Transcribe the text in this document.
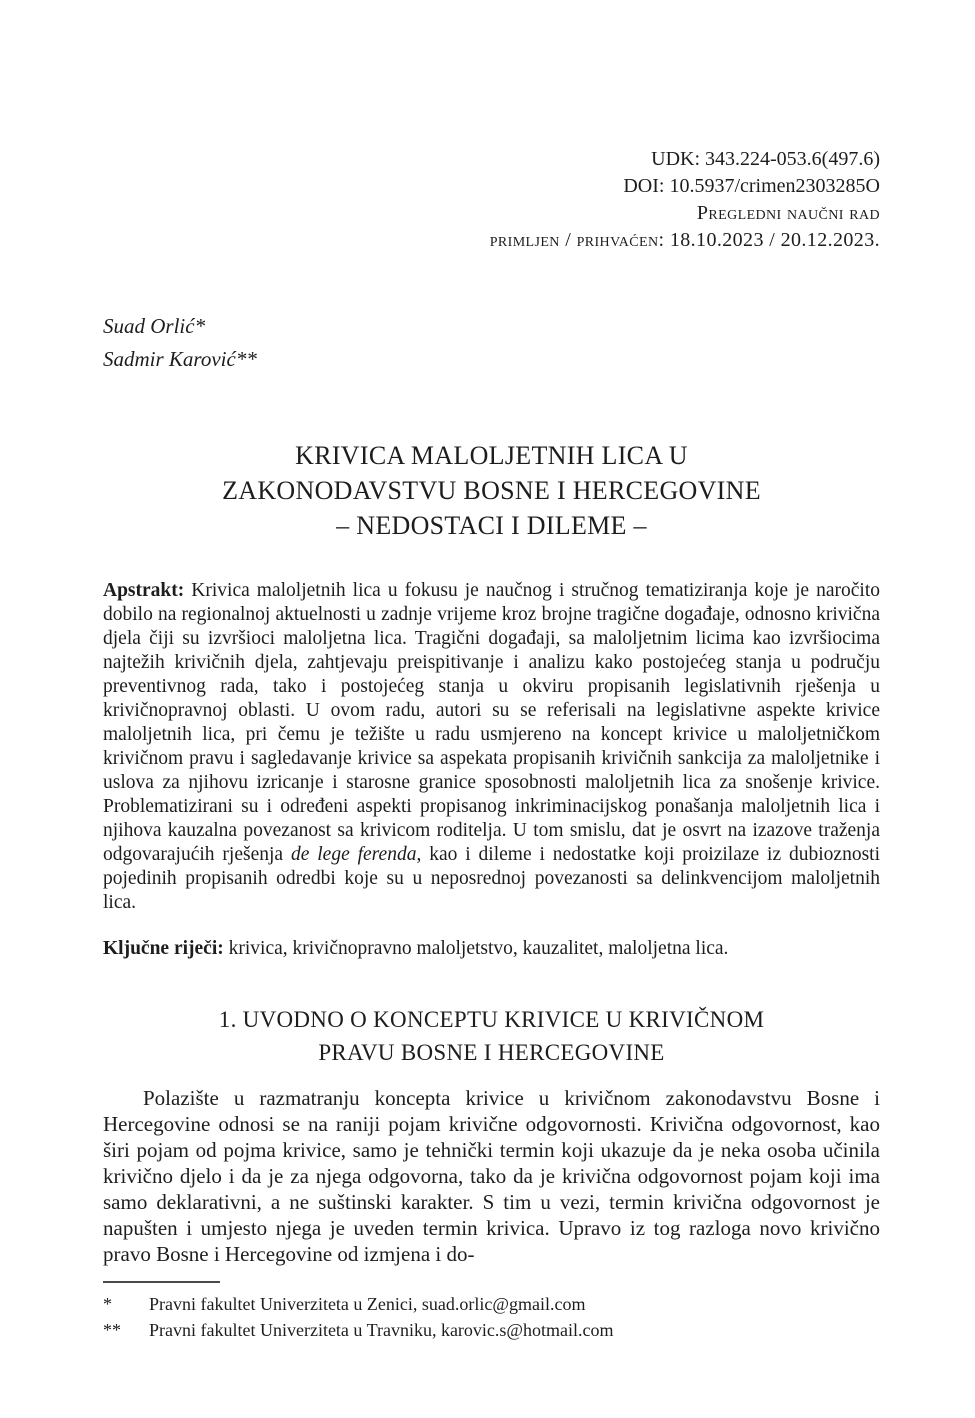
UDK: 343.224-053.6(497.6)
DOI: 10.5937/crimen2303285O
Pregledni naučni rad
primljen / prihvaćen: 18.10.2023 / 20.12.2023.
Suad Orlić*
Sadmir Karović**
KRIVICA MALOLJETNIH LICA U
ZAKONODAVSTVU BOSNE I HERCEGOVINE
– NEDOSTACI I DILEME –

Apstrakt: Krivica maloljetnih lica u fokusu je naučnog i stručnog tematiziranja koje je naročito dobilo na regionalnoj aktuelnosti u zadnje vrijeme kroz brojne tragične događaje, odnosno krivična djela čiji su izvršioci maloljetna lica. Tragični događaji, sa maloljetnim licima kao izvršiocima najtežih krivičnih djela, zahtjevaju preispitivanje i analizu kako postojećeg stanja u području preventivnog rada, tako i postojećeg stanja u okviru propisanih legislativnih rješenja u krivičnopravnoj oblasti. U ovom radu, autori su se referisali na legislativne aspekte krivice maloljetnih lica, pri čemu je težište u radu usmjereno na koncept krivice u maloljetničkom krivičnom pravu i sagledavanje krivice sa aspekata propisanih krivičnih sankcija za maloljetnike i uslova za njihovu izricanje i starosne granice sposobnosti maloljetnih lica za snošenje krivice. Problematizirani su i određeni aspekti propisanog inkriminacijskog ponašanja maloljetnih lica i njihova kauzalna povezanost sa krivicom roditelja. U tom smislu, dat je osvrt na izazove traženja odgovarajućih rješenja de lege ferenda, kao i dileme i nedostatke koji proizilaze iz dubioznosti pojedinih propisanih odredbi koje su u neposrednoj povezanosti sa delinkvencijom maloljetnih lica.

Ključne riječi: krivica, krivičnopravno maloljetstvo, kauzalitet, maloljetna lica.

1. UVODNO O KONCEPTU KRIVICE U KRIVIČNOM
PRAVU BOSNE I HERCEGOVINE

Polazište u razmatranju koncepta krivice u krivičnom zakonodavstvu Bosne i Hercegovine odnosi se na raniji pojam krivične odgovornosti. Krivična odgovornost, kao širi pojam od pojma krivice, samo je tehnički termin koji ukazuje da je neka osoba učinila krivično djelo i da je za njega odgovorna, tako da je krivična odgovornost pojam koji ima samo deklarativni, a ne suštinski karakter. S tim u vezi, termin krivična odgovornost je napušten i umjesto njega je uveden termin krivica. Upravo iz tog razloga novo krivično pravo Bosne i Hercegovine od izmjena i do-

*	Pravni fakultet Univerziteta u Zenici, suad.orlic@gmail.com
**	Pravni fakultet Univerziteta u Travniku, karovic.s@hotmail.com
